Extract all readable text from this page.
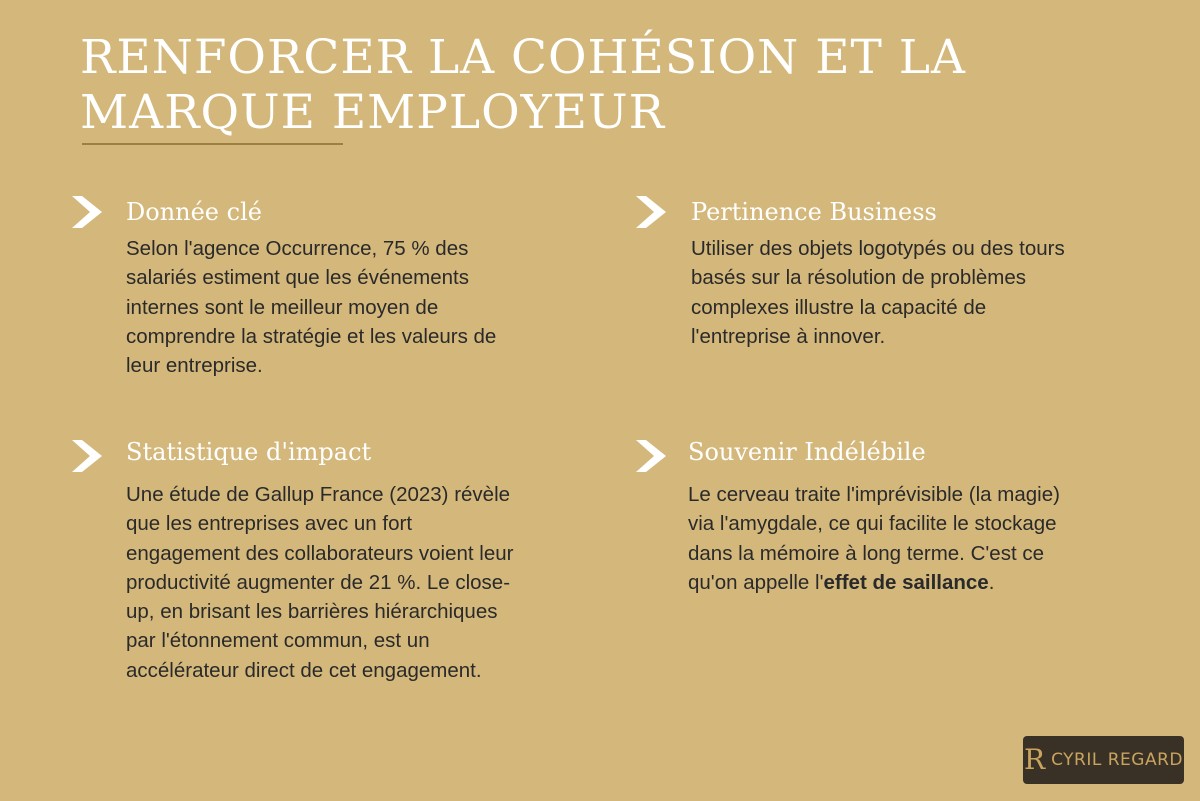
RENFORCER LA COHÉSION ET LA
MARQUE EMPLOYEUR
Donnée clé
Selon l'agence Occurrence, 75 % des
salariés estiment que les événements
internes sont le meilleur moyen de
comprendre la stratégie et les valeurs de
leur entreprise.
Pertinence Business
Utiliser des objets logotypés ou des tours
basés sur la résolution de problèmes
complexes illustre la capacité de
l'entreprise à innover.
Statistique d'impact
Une étude de Gallup France (2023) révèle
que les entreprises avec un fort
engagement des collaborateurs voient leur
productivité augmenter de 21 %. Le close-
up, en brisant les barrières hiérarchiques
par l'étonnement commun, est un
accélérateur direct de cet engagement.
Souvenir Indélébile
Le cerveau traite l'imprévisible (la magie)
via l'amygdale, ce qui facilite le stockage
dans la mémoire à long terme. C'est ce
qu'on appelle l'effet de saillance.
R CYRIL REGARD
